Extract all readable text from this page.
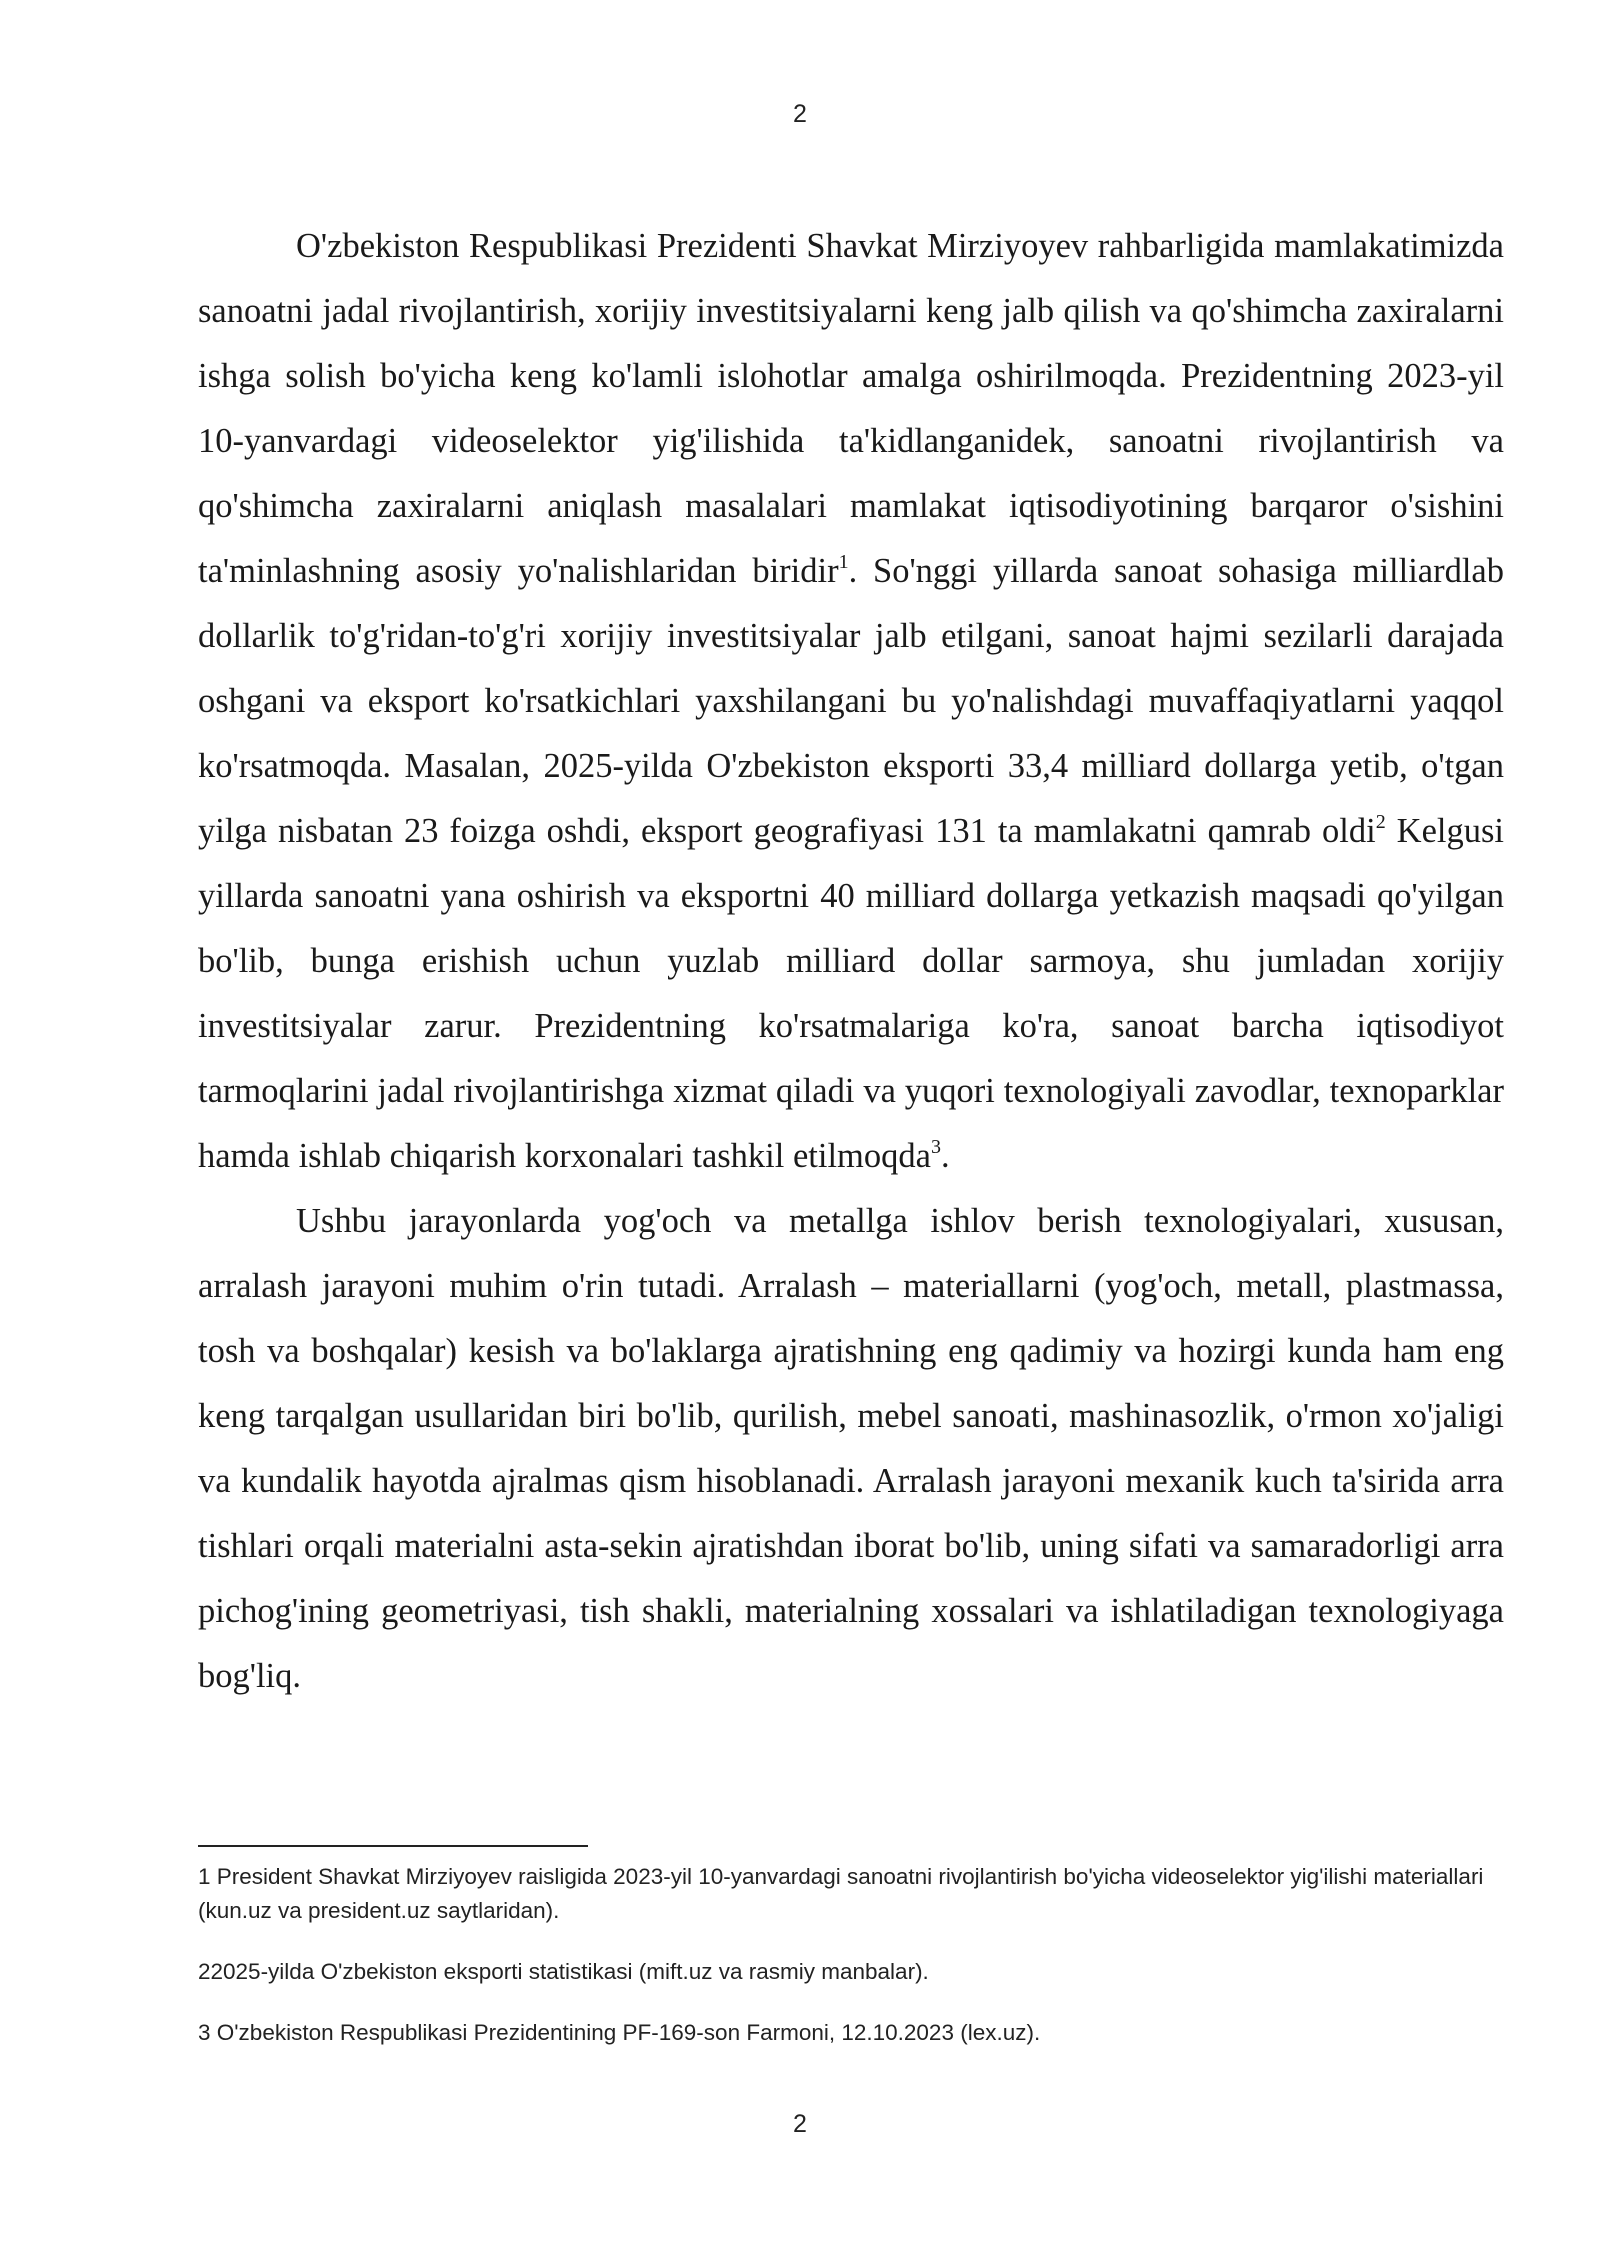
2

O'zbekiston Respublikasi Prezidenti Shavkat Mirziyoyev rahbarligida mamlakatimizda sanoatni jadal rivojlantirish, xorijiy investitsiyalarni keng jalb qilish va qo'shimcha zaxiralarni ishga solish bo'yicha keng ko'lamli islohotlar amalga oshirilmoqda. Prezidentning 2023-yil 10-yanvardagi videoselektor yig'ilishida ta'kidlanganidek, sanoatni rivojlantirish va qo'shimcha zaxiralarni aniqlash masalalari mamlakat iqtisodiyotining barqaror o'sishini ta'minlashning asosiy yo'nalishlaridan biridir$^1$. So'nggi yillarda sanoat sohasiga milliardlab dollarlik to'g'ridan-to'g'ri xorijiy investitsiyalar jalb etilgani, sanoat hajmi sezilarli darajada oshgani va eksport ko'rsatkichlari yaxshilangani bu yo'nalishdagi muvaffaqiyatlarni yaqqol ko'rsatmoqda. Masalan, 2025-yilda O'zbekiston eksporti 33,4 milliard dollarga yetib, o'tgan yilga nisbatan 23 foizga oshdi, eksport geografiyasi 131 ta mamlakatni qamrab oldi$^2$ Kelgusi yillarda sanoatni yana oshirish va eksportni 40 milliard dollarga yetkazish maqsadi qo'yilgan bo'lib, bunga erishish uchun yuzlab milliard dollar sarmoya, shu jumladan xorijiy investitsiyalar zarur. Prezidentning ko'rsatmalariga ko'ra, sanoat barcha iqtisodiyot tarmoqlarini jadal rivojlantirishga xizmat qiladi va yuqori texnologiyali zavodlar, texnoparklar hamda ishlab chiqarish korxonalari tashkil etilmoqda$^3$.

Ushbu jarayonlarda yog'och va metallga ishlov berish texnologiyalari, xususan, arralash jarayoni muhim o'rin tutadi. Arralash – materiallarni (yog'och, metall, plastmassa, tosh va boshqalar) kesish va bo'laklarga ajratishning eng qadimiy va hozirgi kunda ham eng keng tarqalgan usullaridan biri bo'lib, qurilish, mebel sanoati, mashinasozlik, o'rmon xo'jaligi va kundalik hayotda ajralmas qism hisoblanadi. Arralash jarayoni mexanik kuch ta'sirida arra tishlari orqali materialni asta-sekin ajratishdan iborat bo'lib, uning sifati va samaradorligi arra pichog'ining geometriyasi, tish shakli, materialning xossalari va ishlatiladigan texnologiyaga bog'liq.

1 President Shavkat Mirziyoyev raisligida 2023-yil 10-yanvardagi sanoatni rivojlantirish bo'yicha videoselektor yig'ilishi materiallari (kun.uz va president.uz saytlaridan).

22025-yilda O'zbekiston eksporti statistikasi (mift.uz va rasmiy manbalar).

3 O'zbekiston Respublikasi Prezidentining PF-169-son Farmoni, 12.10.2023 (lex.uz).

2
